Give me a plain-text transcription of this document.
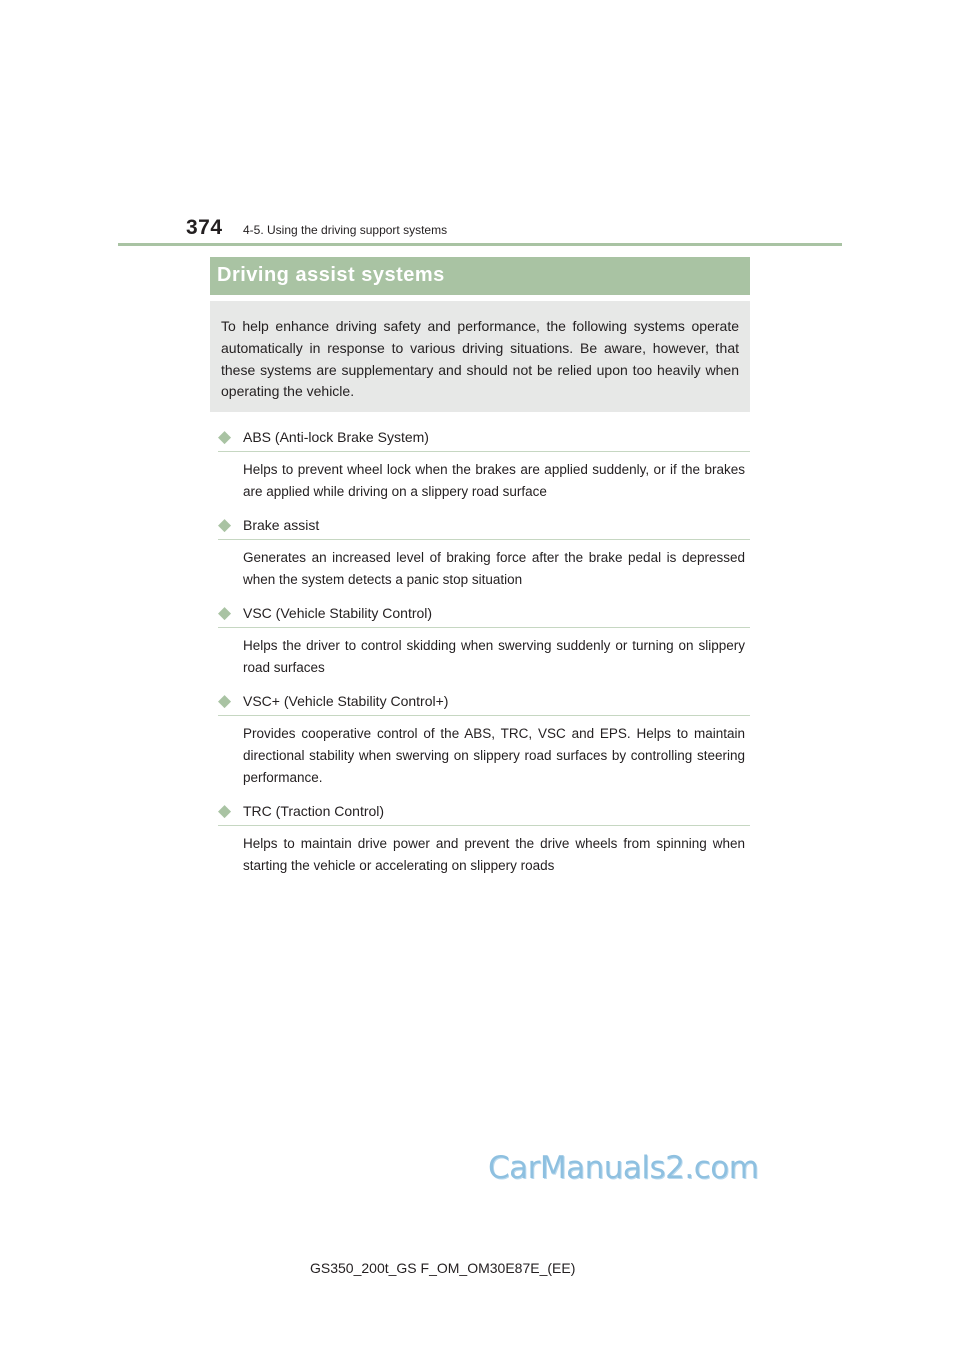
374 4-5. Using the driving support systems
Driving assist systems

To help enhance driving safety and performance, the following systems operate automatically in response to various driving situations. Be aware, however, that these systems are supplementary and should not be relied upon too heavily when operating the vehicle.

◆ ABS (Anti-lock Brake System)

Helps to prevent wheel lock when the brakes are applied suddenly, or if the brakes are applied while driving on a slippery road surface

◆ Brake assist

Generates an increased level of braking force after the brake pedal is depressed when the system detects a panic stop situation

◆ VSC (Vehicle Stability Control)

Helps the driver to control skidding when swerving suddenly or turning on slippery road surfaces

◆ VSC+ (Vehicle Stability Control+)

Provides cooperative control of the ABS, TRC, VSC and EPS. Helps to maintain directional stability when swerving on slippery road surfaces by controlling steering performance.

◆ TRC (Traction Control)

Helps to maintain drive power and prevent the drive wheels from spinning when starting the vehicle or accelerating on slippery roads

CarManuals2.com
GS350_200t_GS F_OM_OM30E87E_(EE)
